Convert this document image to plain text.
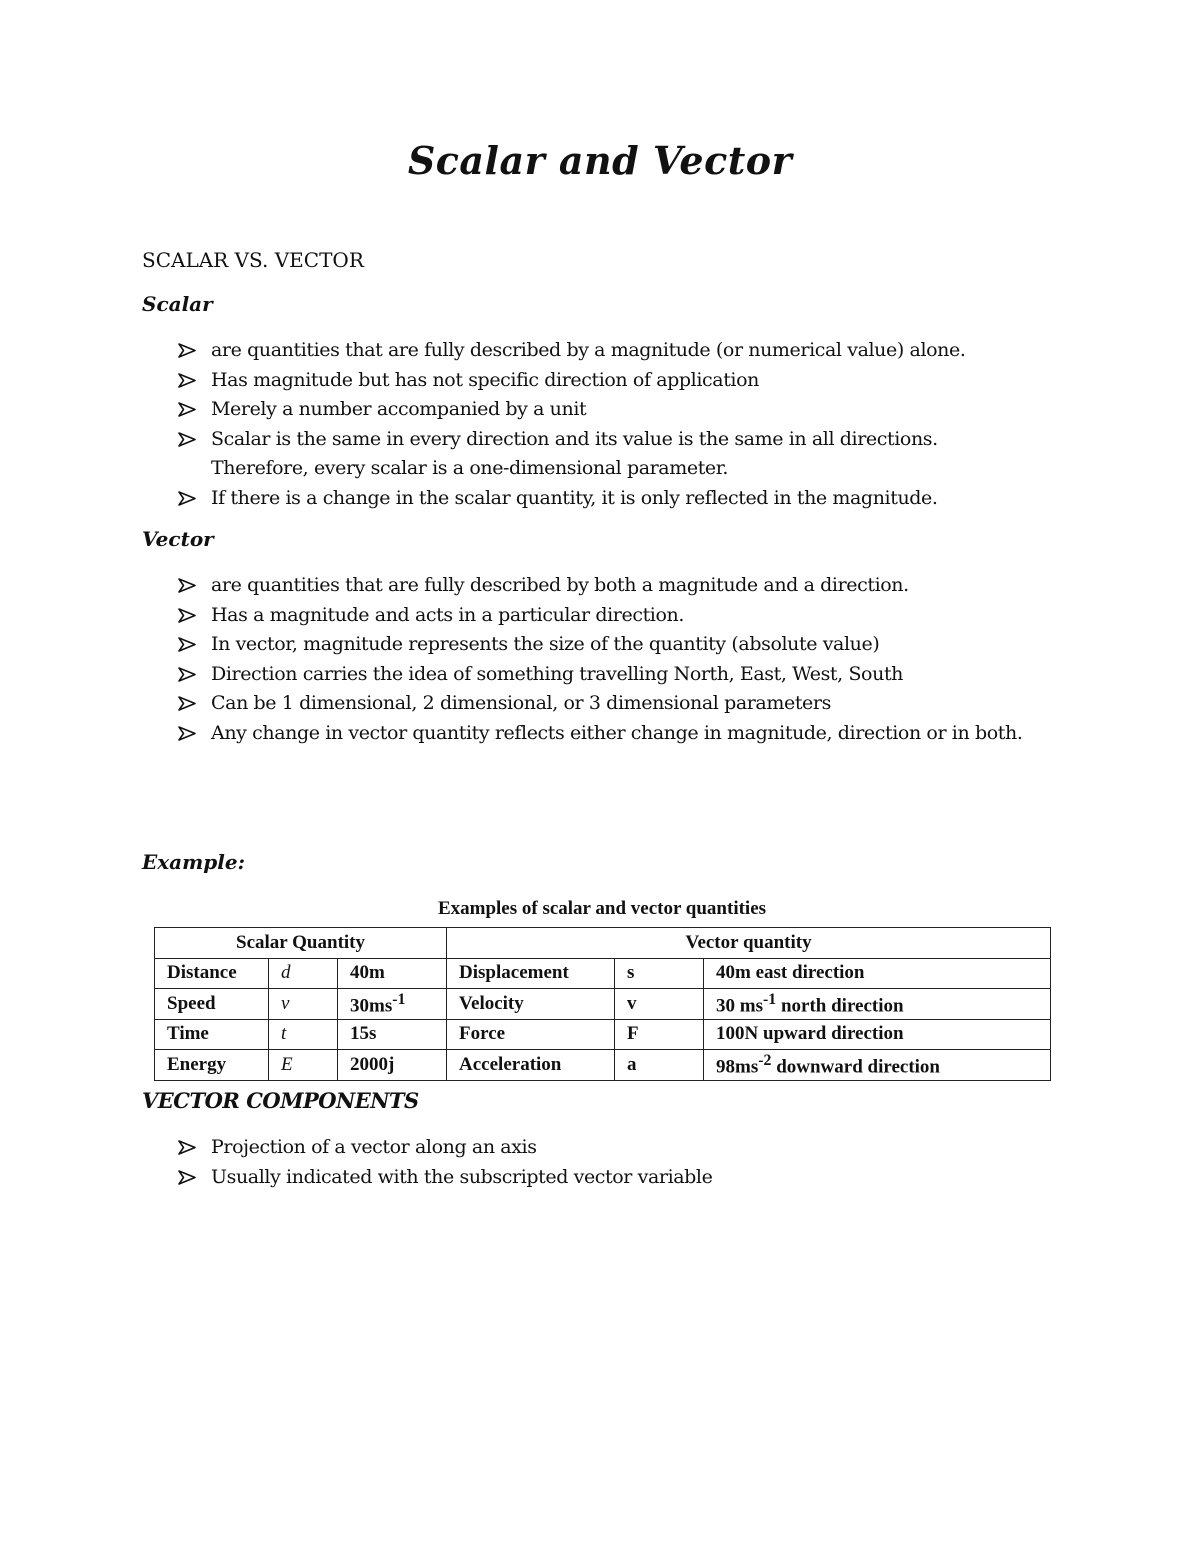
Scalar and Vector
SCALAR VS. VECTOR
Scalar
are quantities that are fully described by a magnitude (or numerical value) alone.
Has magnitude but has not specific direction of application
Merely a number accompanied by a unit
Scalar is the same in every direction and its value is the same in all directions.
Therefore, every scalar is a one-dimensional parameter.
If there is a change in the scalar quantity, it is only reflected in the magnitude.
Vector
are quantities that are fully described by both a magnitude and a direction.
Has a magnitude and acts in a particular direction.
In vector, magnitude represents the size of the quantity (absolute value)
Direction carries the idea of something travelling North, East, West, South
Can be 1 dimensional, 2 dimensional, or 3 dimensional parameters
Any change in vector quantity reflects either change in magnitude, direction or in both.
Example:

Examples of scalar and vector quantities

Scalar Quantity			Vector quantity		
Distance	d	40m	Displacement	s	40m east direction
Speed	v	$30ms^{-1}$	Velocity	v	30 $ms^{-1}$ north direction
Time	t	15s	Force	F	100N upward direction
Energy	E	2000j	Acceleration	a	$98ms^{-2}$ downward direction
VECTOR COMPONENTS
Projection of a vector along an axis
Usually indicated with the subscripted vector variable
